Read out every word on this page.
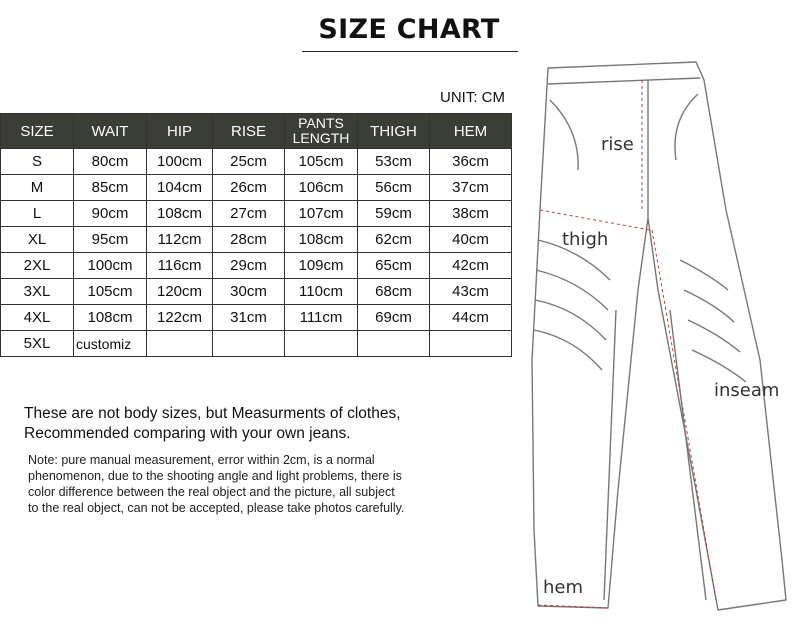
SIZE CHART
UNIT: CM
SIZE	WAIT	HIP	RISE	PANTS LENGTH	THIGH	HEM
S	80cm	100cm	25cm	105cm	53cm	36cm
M	85cm	104cm	26cm	106cm	56cm	37cm
L	90cm	108cm	27cm	107cm	59cm	38cm
XL	95cm	112cm	28cm	108cm	62cm	40cm
2XL	100cm	116cm	29cm	109cm	65cm	42cm
3XL	105cm	120cm	30cm	110cm	68cm	43cm
4XL	108cm	122cm	31cm	111cm	69cm	44cm
5XL	customiz					

These are not body sizes, but Measurments of clothes, Recommended comparing with your own jeans.

Note: pure manual measurement, error within 2cm, is a normal phenomenon, due to the shooting angle and light problems, there is color difference between the real object and the picture, all subject to the real object, can not be accepted, please take photos carefully.

rise
thigh
inseam
hem
